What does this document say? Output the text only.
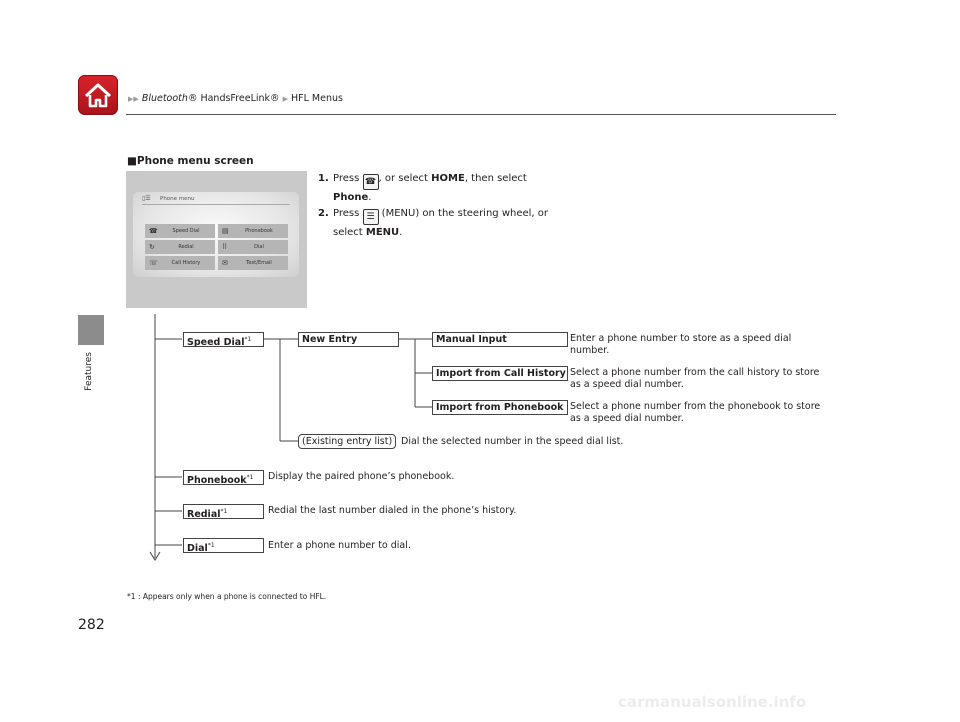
▶▶ Bluetooth® HandsFreeLink® ▶ HFL Menus
Features
282
■Phone menu screen
▯☰ Phone menu
☎	Speed Dial	▤	Phonebook
↻	Redial	⠿	Dial
☏	Call History	✉	Text/Email
1. Press ☎ , or select HOME, then select Phone.
2. Press ☰ (MENU) on the steering wheel, or select MENU.
Speed Dial$^{*1}$	New Entry	Manual Input	Enter a phone number to store as a speed dial
number.
Import from Call History Select a phone number from the call history to store
as a speed dial number.
Import from Phonebook Select a phone number from the phonebook to store
as a speed dial number.
(Existing entry list) Dial the selected number in the speed dial list.
Phonebook$^{*1}$	Display the paired phone’s phonebook.
Redial$^{*1}$	Redial the last number dialed in the phone’s history.
Dial$^{*1}$	Enter a phone number to dial.
*1 : Appears only when a phone is connected to HFL.
carmanualsonline.info
